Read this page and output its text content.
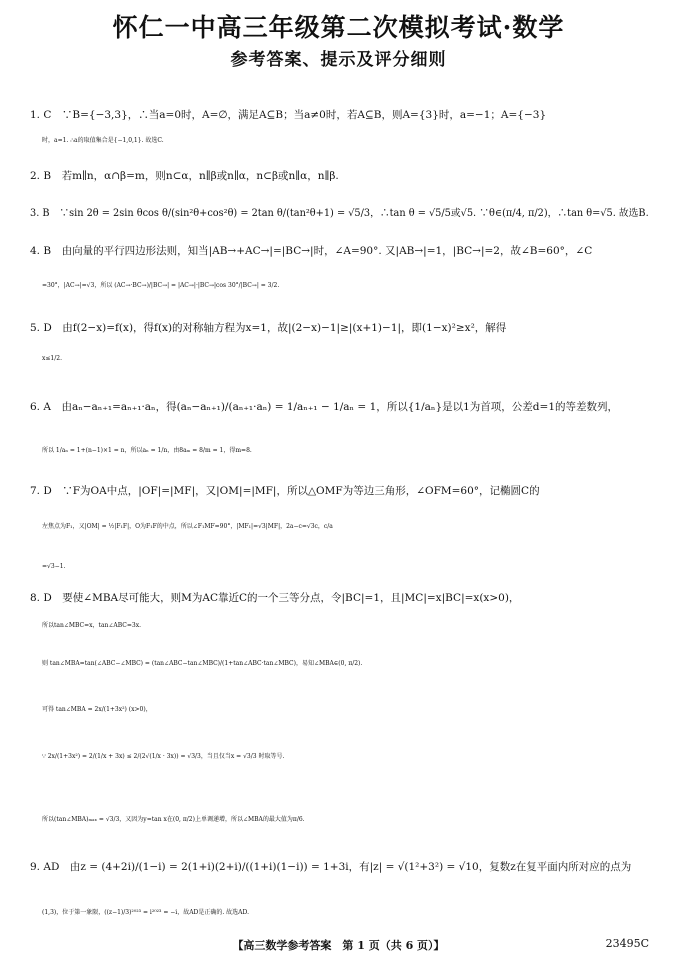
怀仁一中高三年级第二次模拟考试·数学
参考答案、提示及评分细则
1. C　∵B={−3,3}，∴当a=0时，A=∅，满足A⊆B；当a≠0时，若A⊆B，则A={3}时，a=−1；A={−3}
时，a=1. ∴a的取值集合是{−1,0,1}. 故选C.
2. B　若m∥n，α∩β=m，则n⊂α，n∥β或n∥α，n⊂β或n∥α，n∥β.
3. B　∵sin 2θ = 2sin θcos θ/(sin²θ+cos²θ) = 2tan θ/(tan²θ+1) = √5/3，∴tan θ = √5/5或√5. ∵θ∈(π/4, π/2)，∴tan θ=√5. 故选B.
4. B　由向量的平行四边形法则，知当|AB→+AC→|=|BC→|时，∠A=90°. 又|AB→|=1，|BC→|=2，故∠B=60°，∠C
=30°，|AC→|=√3，所以 (AC→·BC→)/|BC→| = |AC→|·|BC→|cos 30°/|BC→| = 3/2.
5. D　由f(2−x)=f(x)，得f(x)的对称轴方程为x=1，故|(2−x)−1|≥|(x+1)−1|，即(1−x)²≥x²，解得
x≤1/2.
6. A　由aₙ−aₙ₊₁=aₙ₊₁·aₙ，得(aₙ−aₙ₊₁)/(aₙ₊₁·aₙ) = 1/aₙ₊₁ − 1/aₙ = 1，所以{1/aₙ}是以1为首项，公差d=1的等差数列，
所以 1/aₙ = 1+(n−1)×1 = n，所以aₙ = 1/n，由8aₘ = 8/m = 1，得m=8.
7. D　∵F为OA中点，|OF|=|MF|，又|OM|=|MF|，所以△OMF为等边三角形，∠OFM=60°，记椭圆C的
左焦点为F₁，又|OM| = ½|F₁F|，O为F₁F的中点，所以∠F₁MF=90°，|MF₁|=√3|MF|，2a−c=√3c，c/a
=√3−1.
8. D　要使∠MBA尽可能大，则M为AC靠近C的一个三等分点，令|BC|=1，且|MC|=x|BC|=x(x>0)，
所以tan∠MBC=x，tan∠ABC=3x.
则 tan∠MBA=tan(∠ABC−∠MBC) = (tan∠ABC−tan∠MBC)/(1+tan∠ABC·tan∠MBC)，易知∠MBA∈(0, π/2).
可得 tan∠MBA = 2x/(1+3x²) (x>0)，
∵ 2x/(1+3x²) = 2/(1/x + 3x) ≤ 2/(2√(1/x · 3x)) = √3/3，当且仅当x = √3/3 时取等号.
所以(tan∠MBA)ₘₐₓ = √3/3，又因为y=tan x在(0, π/2)上单调递增，所以∠MBA的最大值为π/6.
9. AD　由z = (4+2i)/(1−i) = 2(1+i)(2+i)/((1+i)(1−i)) = 1+3i，有|z| = √(1²+3²) = √10，复数z在复平面内所对应的点为
(1,3)，位于第一象限，((z−1)/3)²⁰²³ = i²⁰²³ = −i，故AD是正确的. 故选AD.
【高三数学参考答案　第 1 页（共 6 页）】	23495C
